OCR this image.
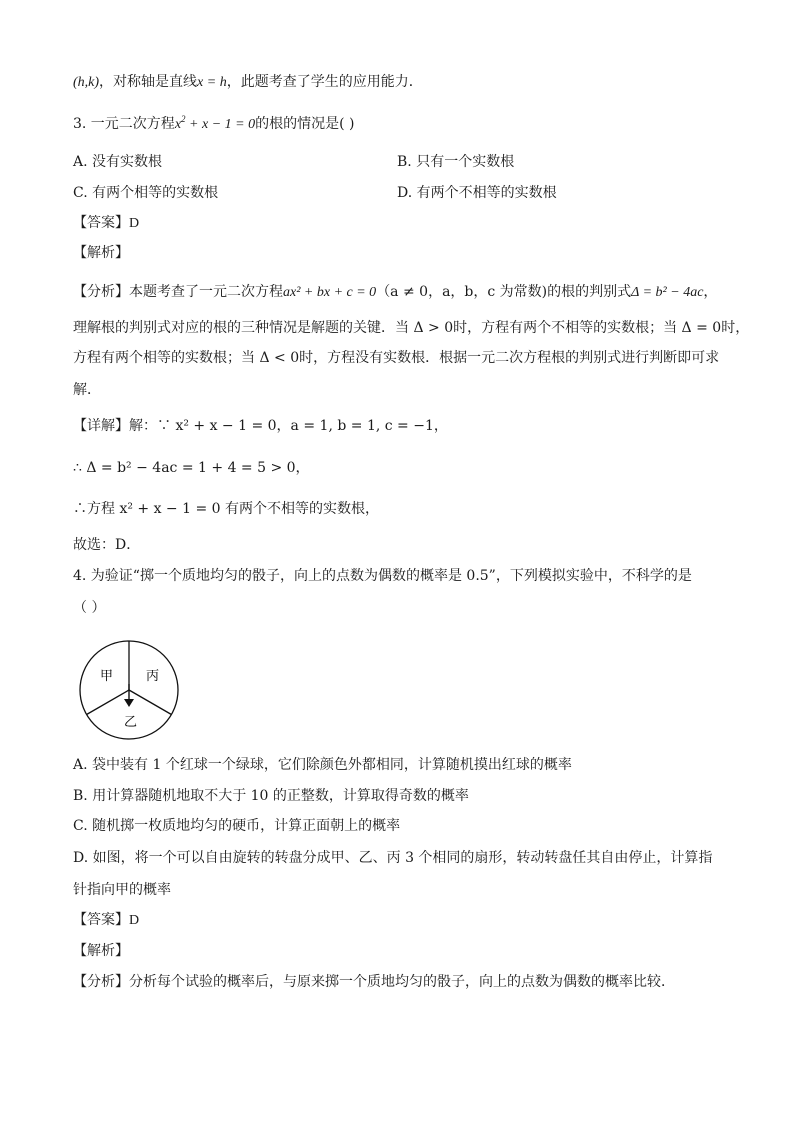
(h,k)，对称轴是直线x = h，此题考查了学生的应用能力．
3. 一元二次方程$x^2 + x - 1 = 0$的根的情况是( )
A. 没有实数根	B. 只有一个实数根
C. 有两个相等的实数根	D. 有两个不相等的实数根
【答案】D
【解析】
【分析】本题考查了一元二次方程ax² + bx + c = 0（a ≠ 0，a，b，c 为常数)的根的判别式Δ = b² − 4ac，
理解根的判别式对应的根的三种情况是解题的关键．当 Δ > 0时，方程有两个不相等的实数根；当 Δ = 0时，
方程有两个相等的实数根；当 Δ < 0时，方程没有实数根．根据一元二次方程根的判别式进行判断即可求
解．
【详解】解：∵ x² + x − 1 = 0，a = 1, b = 1, c = −1，
∴ Δ = b² − 4ac = 1 + 4 = 5 > 0，
∴方程 x² + x − 1 = 0 有两个不相等的实数根，
故选：D．
4. 为验证“掷一个质地均匀的骰子，向上的点数为偶数的概率是 0.5”，下列模拟实验中，不科学的是
（ ）
甲	丙
乙
A. 袋中装有 1 个红球一个绿球，它们除颜色外都相同，计算随机摸出红球的概率
B. 用计算器随机地取不大于 10 的正整数，计算取得奇数的概率
C. 随机掷一枚质地均匀的硬币，计算正面朝上的概率
D. 如图，将一个可以自由旋转的转盘分成甲、乙、丙 3 个相同的扇形，转动转盘任其自由停止，计算指
针指向甲的概率
【答案】D
【解析】
【分析】分析每个试验的概率后，与原来掷一个质地均匀的骰子，向上的点数为偶数的概率比较．
